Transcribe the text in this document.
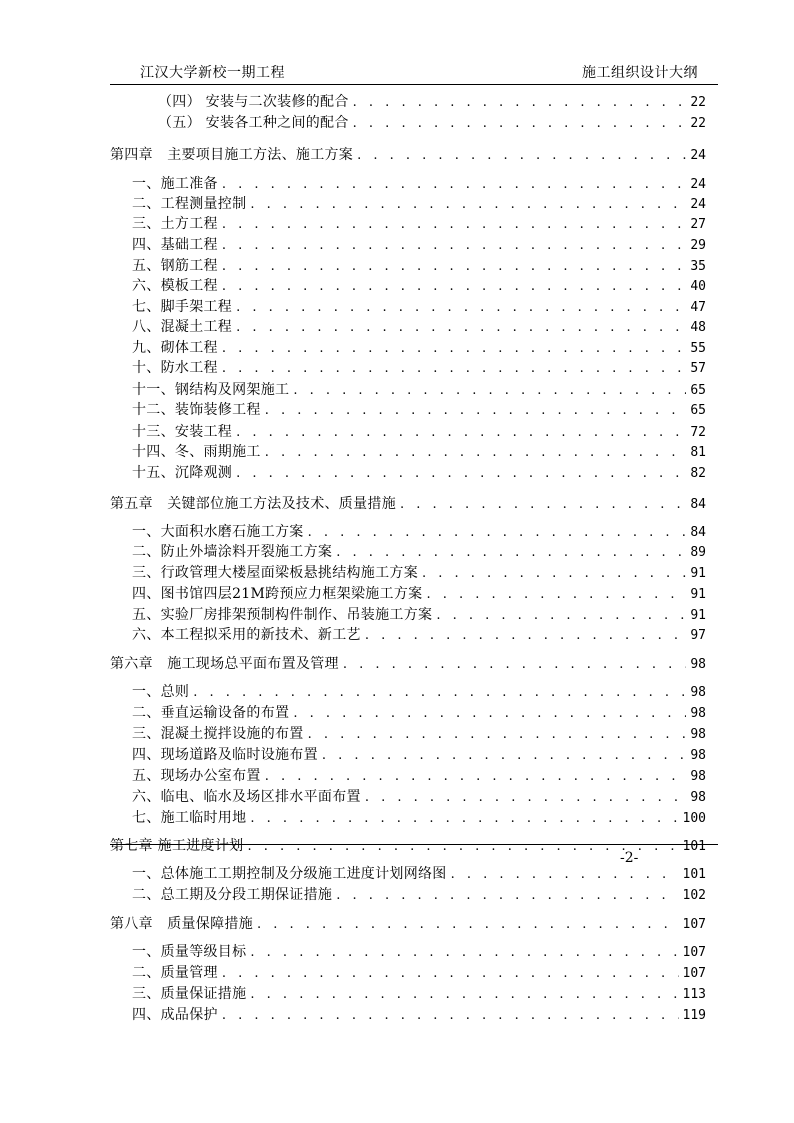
江汉大学新校一期工程	施工组织设计大纲
（四） 安装与二次装修的配合 . . .	22
（五） 安装各工种之间的配合 . . .	22
第四章　主要项目施工方法、施工方案 . . .	24
一、施工准备 . . .	24
二、工程测量控制 . . .	24
三、土方工程 . . .	27
四、基础工程 . . .	29
五、钢筋工程 . . .	35
六、模板工程 . . .	40
七、脚手架工程 . . .	47
八、混凝土工程 . . .	48
九、砌体工程 . . .	55
十、防水工程 . . .	57
十一、钢结构及网架施工 . . .	65
十二、装饰装修工程 . . .	65
十三、安装工程 . . .	72
十四、冬、雨期施工 . . .	81
十五、沉降观测 . . .	82
第五章　关键部位施工方法及技术、质量措施 . . .	84
一、大面积水磨石施工方案 . . .	84
二、防止外墙涂料开裂施工方案 . . .	89
三、行政管理大楼屋面梁板悬挑结构施工方案 . . .	91
四、图书馆四层21M跨预应力框架梁施工方案 . . .	91
五、实验厂房排架预制构件制作、吊装施工方案 . . .	91
六、本工程拟采用的新技术、新工艺 . . .	97
第六章　施工现场总平面布置及管理 . . .	98
一、总则 . . .	98
二、垂直运输设备的布置 . . .	98
三、混凝土搅拌设施的布置 . . .	98
四、现场道路及临时设施布置 . . .	98
五、现场办公室布置 . . .	98
六、临电、临水及场区排水平面布置 . . .	98
七、施工临时用地 . . .	100
第七章 施工进度计划 . . .	101
一、总体施工工期控制及分级施工进度计划网络图 . . .	101
二、总工期及分段工期保证措施 . . .	102
第八章　质量保障措施 . . .	107
一、质量等级目标 . . .	107
二、质量管理 . . .	107
三、质量保证措施 . . .	113
四、成品保护 . . .	119
-2-
